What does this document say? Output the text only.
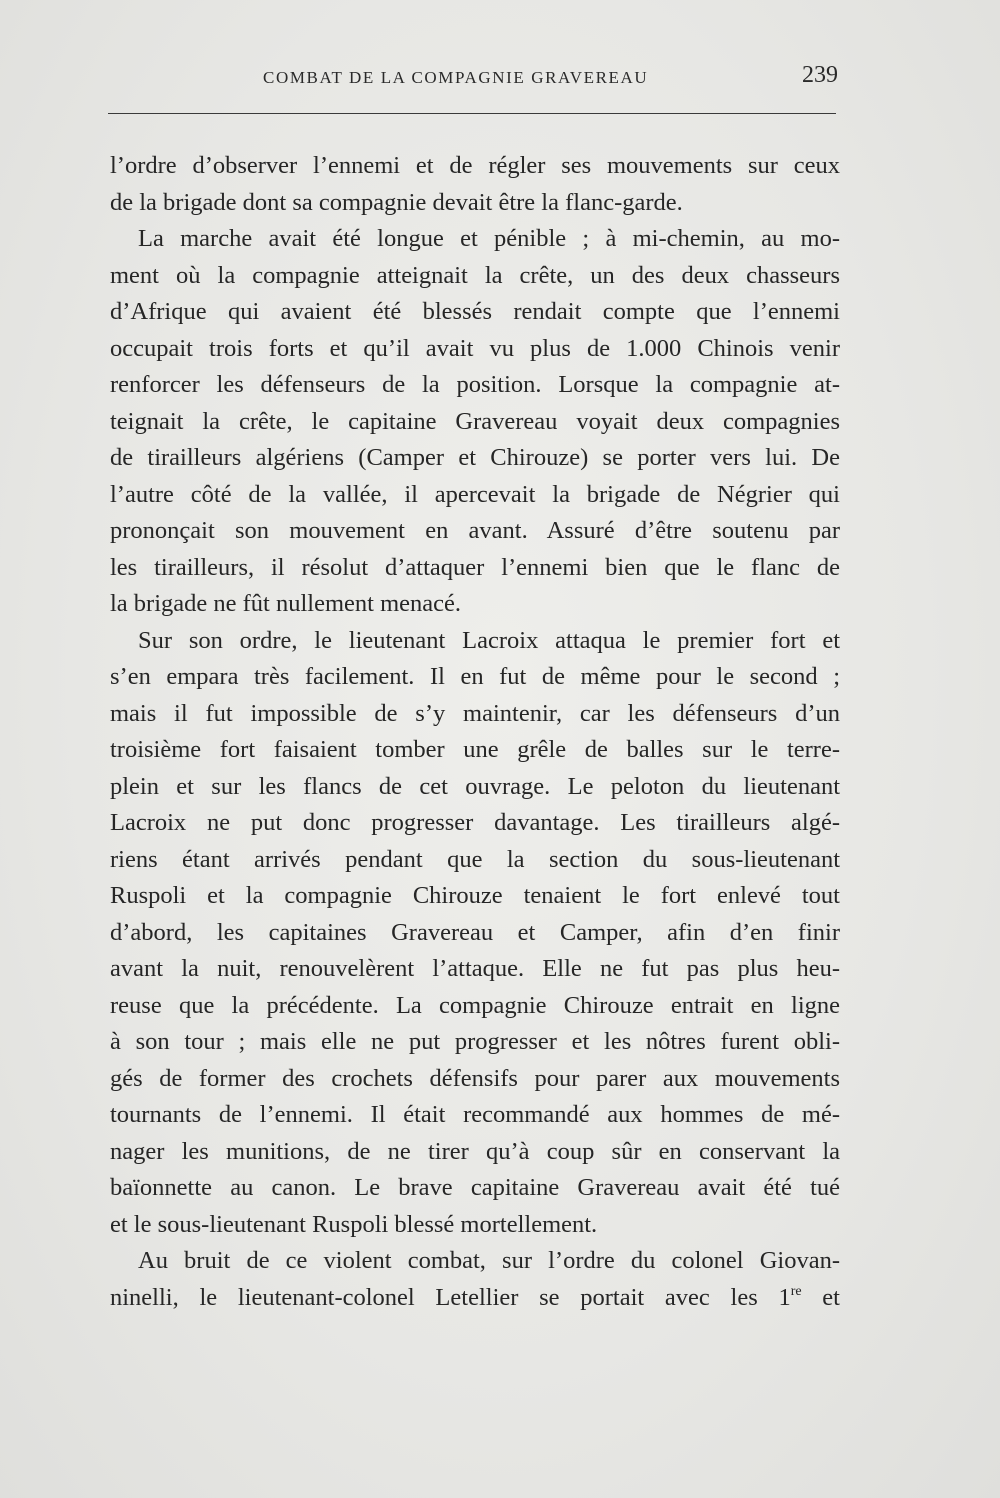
COMBAT DE LA COMPAGNIE GRAVEREAU	239
l’ordre d’observer l’ennemi et de régler ses mouvements sur ceux
de la brigade dont sa compagnie devait être la flanc-garde.
La marche avait été longue et pénible ; à mi-chemin, au mo-
ment où la compagnie atteignait la crête, un des deux chasseurs
d’Afrique qui avaient été blessés rendait compte que l’ennemi
occupait trois forts et qu’il avait vu plus de 1.000 Chinois venir
renforcer les défenseurs de la position. Lorsque la compagnie at-
teignait la crête, le capitaine Gravereau voyait deux compagnies
de tirailleurs algériens (Camper et Chirouze) se porter vers lui. De
l’autre côté de la vallée, il apercevait la brigade de Négrier qui
prononçait son mouvement en avant. Assuré d’être soutenu par
les tirailleurs, il résolut d’attaquer l’ennemi bien que le flanc de
la brigade ne fût nullement menacé.
Sur son ordre, le lieutenant Lacroix attaqua le premier fort et
s’en empara très facilement. Il en fut de même pour le second ;
mais il fut impossible de s’y maintenir, car les défenseurs d’un
troisième fort faisaient tomber une grêle de balles sur le terre-
plein et sur les flancs de cet ouvrage. Le peloton du lieutenant
Lacroix ne put donc progresser davantage. Les tirailleurs algé-
riens étant arrivés pendant que la section du sous-lieutenant
Ruspoli et la compagnie Chirouze tenaient le fort enlevé tout
d’abord, les capitaines Gravereau et Camper, afin d’en finir
avant la nuit, renouvelèrent l’attaque. Elle ne fut pas plus heu-
reuse que la précédente. La compagnie Chirouze entrait en ligne
à son tour ; mais elle ne put progresser et les nôtres furent obli-
gés de former des crochets défensifs pour parer aux mouvements
tournants de l’ennemi. Il était recommandé aux hommes de mé-
nager les munitions, de ne tirer qu’à coup sûr en conservant la
baïonnette au canon. Le brave capitaine Gravereau avait été tué
et le sous-lieutenant Ruspoli blessé mortellement.
Au bruit de ce violent combat, sur l’ordre du colonel Giovan-
ninelli, le lieutenant-colonel Letellier se portait avec les 1re et
